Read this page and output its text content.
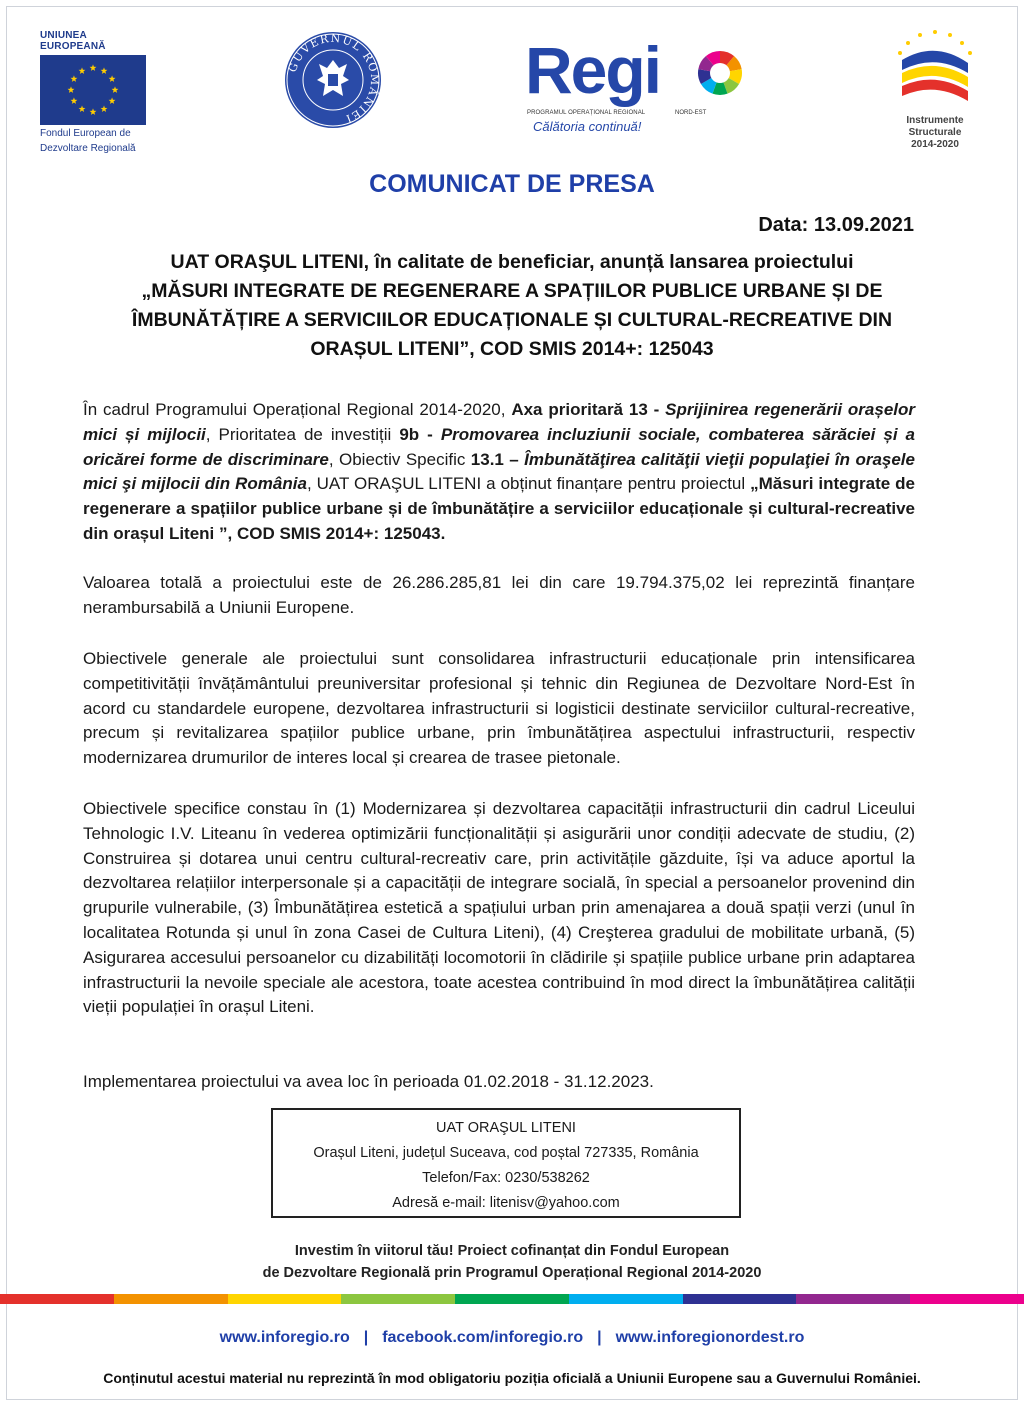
UNIUNEA EUROPEANĂ
Fondul European de
Dezvoltare Regională
GUVERNUL ROMÂNIEI
Regi
PROGRAMUL OPERAȚIONAL REGIONAL	NORD-EST
Călătoria continuă!	Instrumente Structurale
2014-2020
COMUNICAT DE PRESA
Data: 13.09.2021
UAT ORAŞUL LITENI, în calitate de beneficiar, anunță lansarea proiectului
„MĂSURI INTEGRATE DE REGENERARE A SPAȚIILOR PUBLICE URBANE ȘI DE
ÎMBUNĂTĂȚIRE A SERVICIILOR EDUCAȚIONALE ȘI CULTURAL-RECREATIVE DIN
ORAȘUL LITENI”, COD SMIS 2014+: 125043
În cadrul Programului Operațional Regional 2014-2020, Axa prioritară 13 - Sprijinirea regenerării orașelor mici și mijlocii, Prioritatea de investiții 9b - Promovarea incluziunii sociale, combaterea sărăciei și a oricărei forme de discriminare, Obiectiv Specific 13.1 – Îmbunătăţirea calităţii vieţii populaţiei în oraşele mici şi mijlocii din România, UAT ORAŞUL LITENI a obținut finanțare pentru proiectul „Măsuri integrate de regenerare a spațiilor publice urbane și de îmbunătățire a serviciilor educaționale și cultural-recreative din orașul Liteni ”, COD SMIS 2014+: 125043.
Valoarea totală a proiectului este de 26.286.285,81 lei din care 19.794.375,02 lei reprezintă finanțare nerambursabilă a Uniunii Europene.
Obiectivele generale ale proiectului sunt consolidarea infrastructurii educaționale prin intensificarea competitivității învățământului preuniversitar profesional și tehnic din Regiunea de Dezvoltare Nord-Est în acord cu standardele europene, dezvoltarea infrastructurii si logisticii destinate serviciilor cultural-recreative, precum și revitalizarea spațiilor publice urbane, prin îmbunătățirea aspectului infrastructurii, respectiv modernizarea drumurilor de interes local și crearea de trasee pietonale.
Obiectivele specifice constau în (1) Modernizarea și dezvoltarea capacității infrastructurii din cadrul Liceului Tehnologic I.V. Liteanu în vederea optimizării funcționalității și asigurării unor condiții adecvate de studiu, (2) Construirea și dotarea unui centru cultural-recreativ care, prin activitățile găzduite, își va aduce aportul la dezvoltarea relațiilor interpersonale și a capacității de integrare socială, în special a persoanelor provenind din grupurile vulnerabile, (3) Îmbunătățirea estetică a spațiului urban prin amenajarea a două spații verzi (unul în localitatea Rotunda și unul în zona Casei de Cultura Liteni), (4) Creşterea gradului de mobilitate urbană, (5) Asigurarea accesului persoanelor cu dizabilități locomotorii în clădirile și spațiile publice urbane prin adaptarea infrastructurii la nevoile speciale ale acestora, toate acestea contribuind în mod direct la îmbunătățirea calității vieții populației în orașul Liteni.
Implementarea proiectului va avea loc în perioada 01.02.2018 - 31.12.2023.
UAT ORAŞUL LITENI
Orașul Liteni, județul Suceava, cod poștal 727335, România
Telefon/Fax: 0230/538262
Adresă e-mail: litenisv@yahoo.com
Investim în viitorul tău! Proiect cofinanțat din Fondul European
de Dezvoltare Regională prin Programul Operațional Regional 2014-2020
www.inforegio.ro | facebook.com/inforegio.ro | www.inforegionordest.ro
Conținutul acestui material nu reprezintă în mod obligatoriu poziția oficială a Uniunii Europene sau a Guvernului României.
